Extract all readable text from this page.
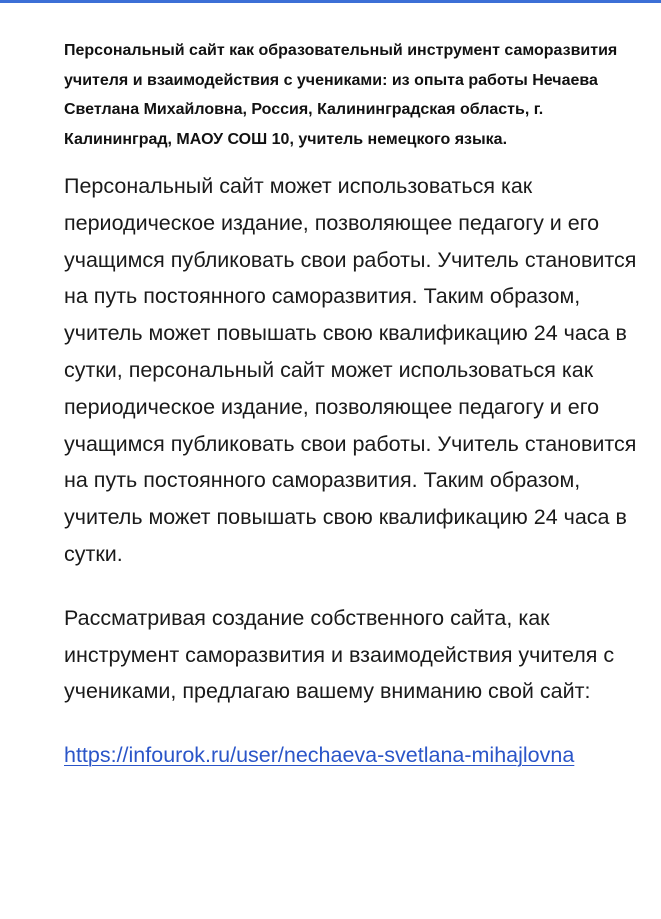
Персональный сайт как образовательный инструмент саморазвития учителя и взаимодействия с учениками: из опыта работы Нечаева Светлана Михайловна, Россия, Калининградская область, г. Калининград, МАОУ СОШ 10, учитель немецкого языка.

Персональный сайт может использоваться как периодическое издание, позволяющее педагогу и его учащимся публиковать свои работы. Учитель становится на путь постоянного саморазвития. Таким образом, учитель может повышать свою квалификацию 24 часа в сутки, персональный сайт может использоваться как периодическое издание, позволяющее педагогу и его учащимся публиковать свои работы. Учитель становится на путь постоянного саморазвития. Таким образом, учитель может повышать свою квалификацию 24 часа в сутки.

Рассматривая создание собственного сайта, как инструмент саморазвития и взаимодействия учителя с учениками, предлагаю вашему вниманию свой сайт:

https://infourok.ru/user/nechaeva-svetlana-mihajlovna
